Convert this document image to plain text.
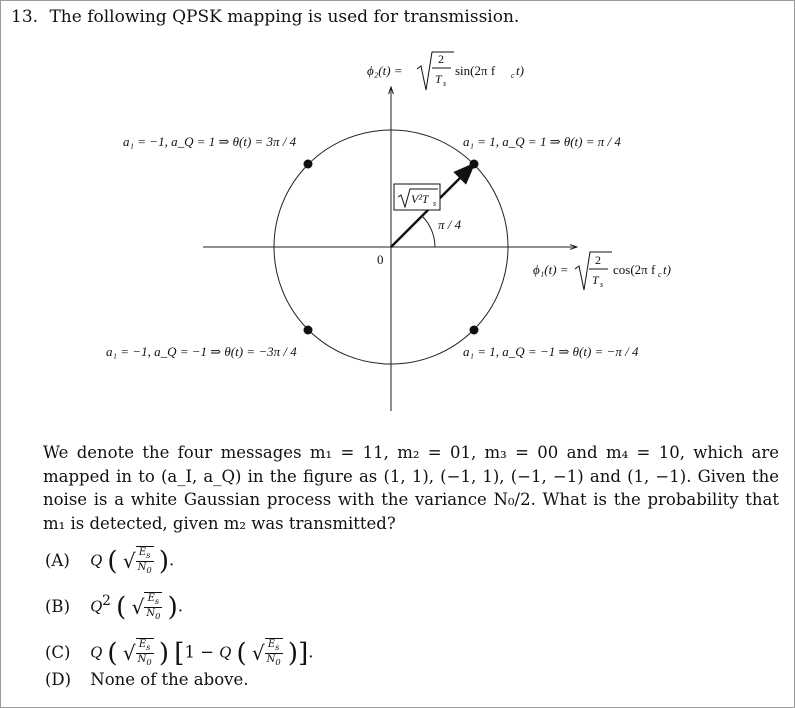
13. The following QPSK mapping is used for transmission.
0
ϕ₂(t) =
2
T s
sin(2π f c t)
ϕ₁(t) =
2
T s
cos(2π f c t)
V²T s
π / 4
a₁ = 1, a_Q = 1 ⇒ θ(t) = π / 4
a₁ = −1, a_Q = 1 ⇒ θ(t) = 3π / 4
a₁ = −1, a_Q = −1 ⇒ θ(t) = −3π / 4	a₁ = 1, a_Q = −1 ⇒ θ(t) = −π / 4
We denote the four messages m₁ = 11, m₂ = 01, m₃ = 00 and m₄ = 10, which are mapped in to (a_I, a_Q) in the figure as (1, 1), (−1, 1), (−1, −1) and (1, −1). Given the noise is a white Gaussian process with the variance N₀/2. What is the probability that m₁ is detected, given m₂ was transmitted?
(A) Q ( √ $\frac{E_s}{N_0}$ ).
(B) $Q^2$ ( √ $\frac{E_s}{N_0}$ ).
(C) Q ( √ $\frac{E_s}{N_0}$ ) [1 − Q ( √ $\frac{E_s}{N_0}$ )].
(D) None of the above.
